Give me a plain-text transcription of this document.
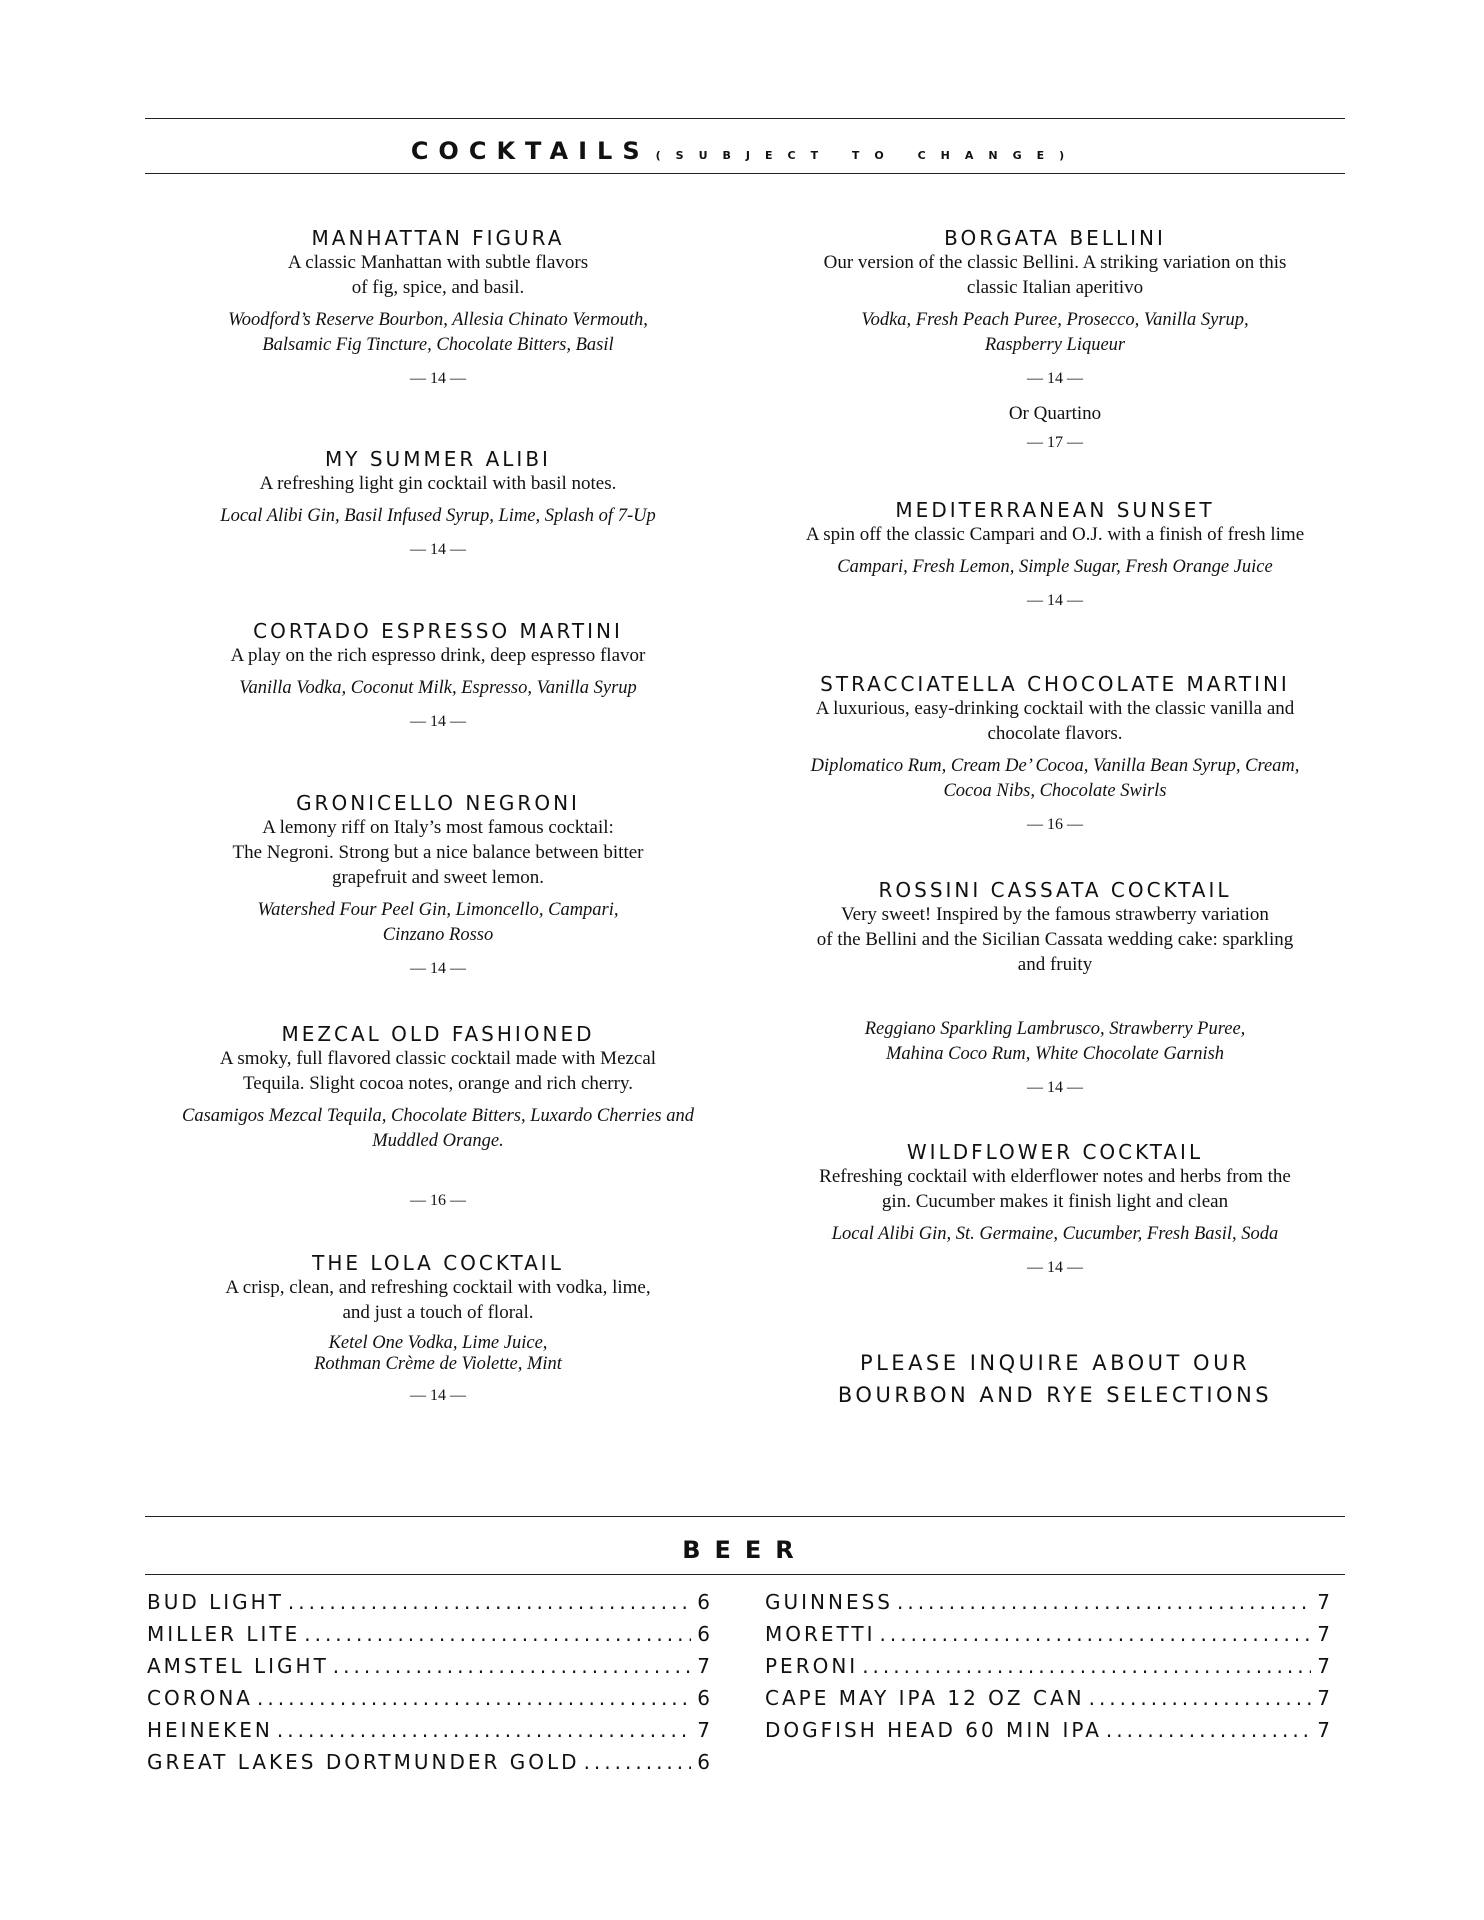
COCKTAILS (SUBJECT TO CHANGE)
MANHATTAN FIGURA
A classic Manhattan with subtle flavors
of fig, spice, and basil.
Woodford’s Reserve Bourbon, Allesia Chinato Vermouth,
Balsamic Fig Tincture, Chocolate Bitters, Basil
— 14 —
MY SUMMER ALIBI
A refreshing light gin cocktail with basil notes.
Local Alibi Gin, Basil Infused Syrup, Lime, Splash of 7-Up
— 14 —
CORTADO ESPRESSO MARTINI
A play on the rich espresso drink, deep espresso flavor
Vanilla Vodka, Coconut Milk, Espresso, Vanilla Syrup
— 14 —
GRONICELLO NEGRONI
A lemony riff on Italy’s most famous cocktail:
The Negroni. Strong but a nice balance between bitter
grapefruit and sweet lemon.
Watershed Four Peel Gin, Limoncello, Campari,
Cinzano Rosso
— 14 —
MEZCAL OLD FASHIONED
A smoky, full flavored classic cocktail made with Mezcal
Tequila. Slight cocoa notes, orange and rich cherry.
Casamigos Mezcal Tequila, Chocolate Bitters, Luxardo Cherries and
Muddled Orange.
— 16 —
THE LOLA COCKTAIL
A crisp, clean, and refreshing cocktail with vodka, lime,
and just a touch of floral.
Ketel One Vodka, Lime Juice,
Rothman Crème de Violette, Mint
— 14 —
BORGATA BELLINI
Our version of the classic Bellini. A striking variation on this
classic Italian aperitivo
Vodka, Fresh Peach Puree, Prosecco, Vanilla Syrup,
Raspberry Liqueur
— 14 —
Or Quartino
— 17 —
MEDITERRANEAN SUNSET
A spin off the classic Campari and O.J. with a finish of fresh lime
Campari, Fresh Lemon, Simple Sugar, Fresh Orange Juice
— 14 —
STRACCIATELLA CHOCOLATE MARTINI
A luxurious, easy-drinking cocktail with the classic vanilla and
chocolate flavors.
Diplomatico Rum, Cream De’ Cocoa, Vanilla Bean Syrup, Cream,
Cocoa Nibs, Chocolate Swirls
— 16 —
ROSSINI CASSATA COCKTAIL
Very sweet! Inspired by the famous strawberry variation
of the Bellini and the Sicilian Cassata wedding cake: sparkling
and fruity
Reggiano Sparkling Lambrusco, Strawberry Puree,
Mahina Coco Rum, White Chocolate Garnish
— 14 —
WILDFLOWER COCKTAIL
Refreshing cocktail with elderflower notes and herbs from the
gin. Cucumber makes it finish light and clean
Local Alibi Gin, St. Germaine, Cucumber, Fresh Basil, Soda
— 14 —
PLEASE INQUIRE ABOUT OUR
BOURBON AND RYE SELECTIONS
BEER
BUD LIGHT .....	6
MILLER LITE .....	6
AMSTEL LIGHT .....	7
CORONA .....	6
HEINEKEN .....	7
GREAT LAKES DORTMUNDER GOLD .....	6
GUINNESS .....	7
MORETTI .....	7
PERONI .....	7
CAPE MAY IPA 12 OZ CAN .....	7
DOGFISH HEAD 60 MIN IPA .....	7
